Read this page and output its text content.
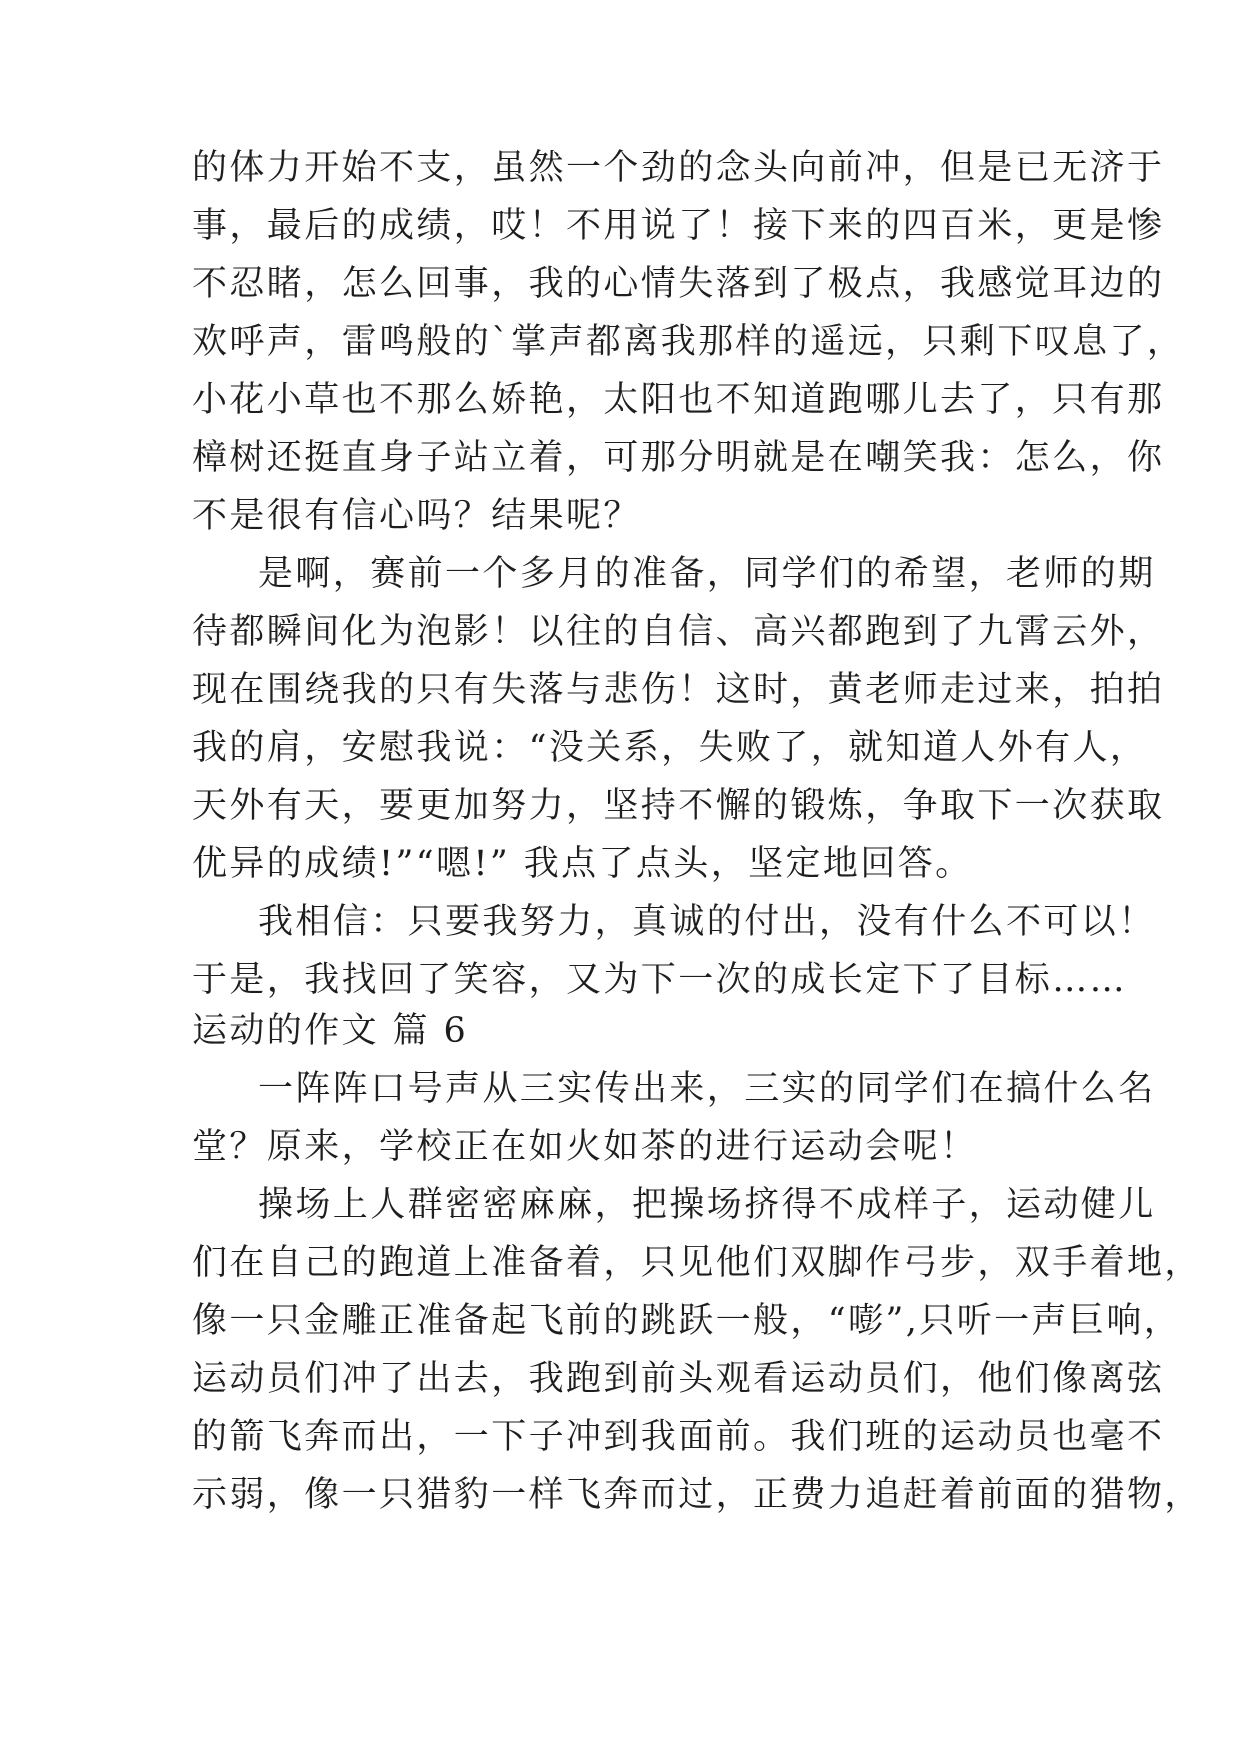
的体力开始不支，虽然一个劲的念头向前冲，但是已无济于
事，最后的成绩，哎！不用说了！接下来的四百米，更是惨
不忍睹，怎么回事，我的心情失落到了极点，我感觉耳边的
欢呼声，雷鸣般的`掌声都离我那样的遥远，只剩下叹息了，
小花小草也不那么娇艳，太阳也不知道跑哪儿去了，只有那
樟树还挺直身子站立着，可那分明就是在嘲笑我：怎么，你
不是很有信心吗？结果呢？
是啊，赛前一个多月的准备，同学们的希望，老师的期
待都瞬间化为泡影！以往的自信、高兴都跑到了九霄云外，
现在围绕我的只有失落与悲伤！这时，黄老师走过来，拍拍
我的肩，安慰我说：“没关系，失败了，就知道人外有人，
天外有天，要更加努力，坚持不懈的锻炼，争取下一次获取
优异的成绩!”“嗯!” 我点了点头，坚定地回答。
我相信：只要我努力，真诚的付出，没有什么不可以！
于是，我找回了笑容，又为下一次的成长定下了目标……
运动的作文 篇 6
一阵阵口号声从三实传出来，三实的同学们在搞什么名
堂？原来，学校正在如火如茶的进行运动会呢！
操场上人群密密麻麻，把操场挤得不成样子，运动健儿
们在自己的跑道上准备着，只见他们双脚作弓步，双手着地，
像一只金雕正准备起飞前的跳跃一般，“嘭”,只听一声巨响，
运动员们冲了出去，我跑到前头观看运动员们，他们像离弦
的箭飞奔而出，一下子冲到我面前。我们班的运动员也毫不
示弱，像一只猎豹一样飞奔而过，正费力追赶着前面的猎物，
